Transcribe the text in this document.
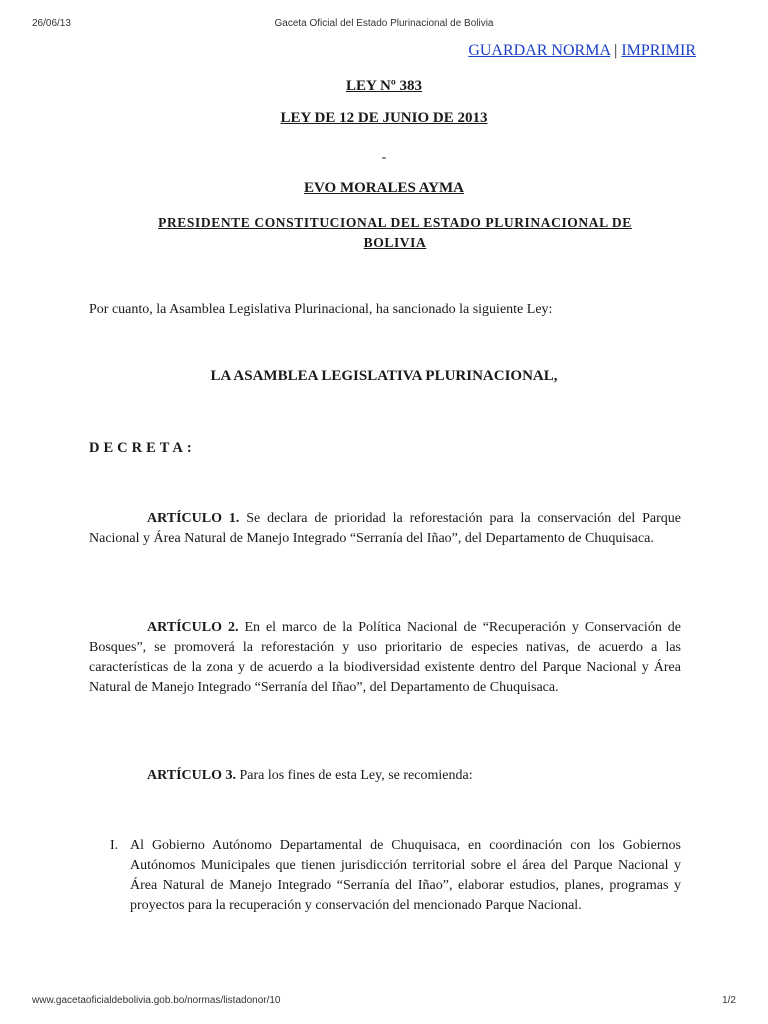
26/06/13	Gaceta Oficial del Estado Plurinacional de Bolivia
GUARDAR NORMA | IMPRIMIR
LEY Nº 383
LEY DE 12 DE JUNIO DE 2013
-
EVO MORALES AYMA
PRESIDENTE CONSTITUCIONAL DEL ESTADO PLURINACIONAL DE BOLIVIA
Por cuanto, la Asamblea Legislativa Plurinacional, ha sancionado la siguiente Ley:
LA ASAMBLEA LEGISLATIVA PLURINACIONAL,
DECRETA:
ARTÍCULO 1. Se declara de prioridad la reforestación para la conservación del Parque Nacional y Área Natural de Manejo Integrado “Serranía del Iñao”, del Departamento de Chuquisaca.
ARTÍCULO 2. En el marco de la Política Nacional de “Recuperación y Conservación de Bosques”, se promoverá la reforestación y uso prioritario de especies nativas, de acuerdo a las características de la zona y de acuerdo a la biodiversidad existente dentro del Parque Nacional y Área Natural de Manejo Integrado “Serranía del Iñao”, del Departamento de Chuquisaca.
ARTÍCULO 3. Para los fines de esta Ley, se recomienda:
I. Al Gobierno Autónomo Departamental de Chuquisaca, en coordinación con los Gobiernos Autónomos Municipales que tienen jurisdicción territorial sobre el área del Parque Nacional y Área Natural de Manejo Integrado “Serranía del Iñao”, elaborar estudios, planes, programas y proyectos para la recuperación y conservación del mencionado Parque Nacional.
www.gacetaoficialdebolivia.gob.bo/normas/listadonor/10	1/2
